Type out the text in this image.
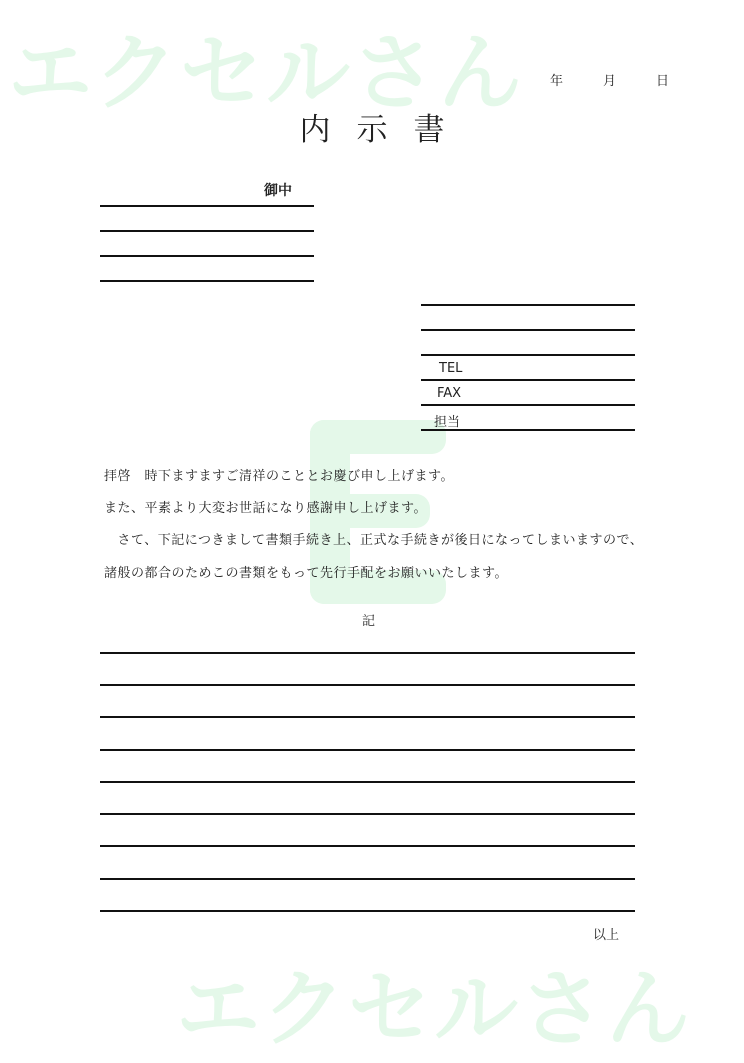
エクセルさん
エクセルさん
年	月	日
内示書
御中
TEL
FAX
担当
拝啓　時下ますますご清祥のこととお慶び申し上げます。
また、平素より大変お世話になり感謝申し上げます。
　さて、下記につきまして書類手続き上、正式な手続きが後日になってしまいますので、
諸般の都合のためこの書類をもって先行手配をお願いいたします。
記
以上
